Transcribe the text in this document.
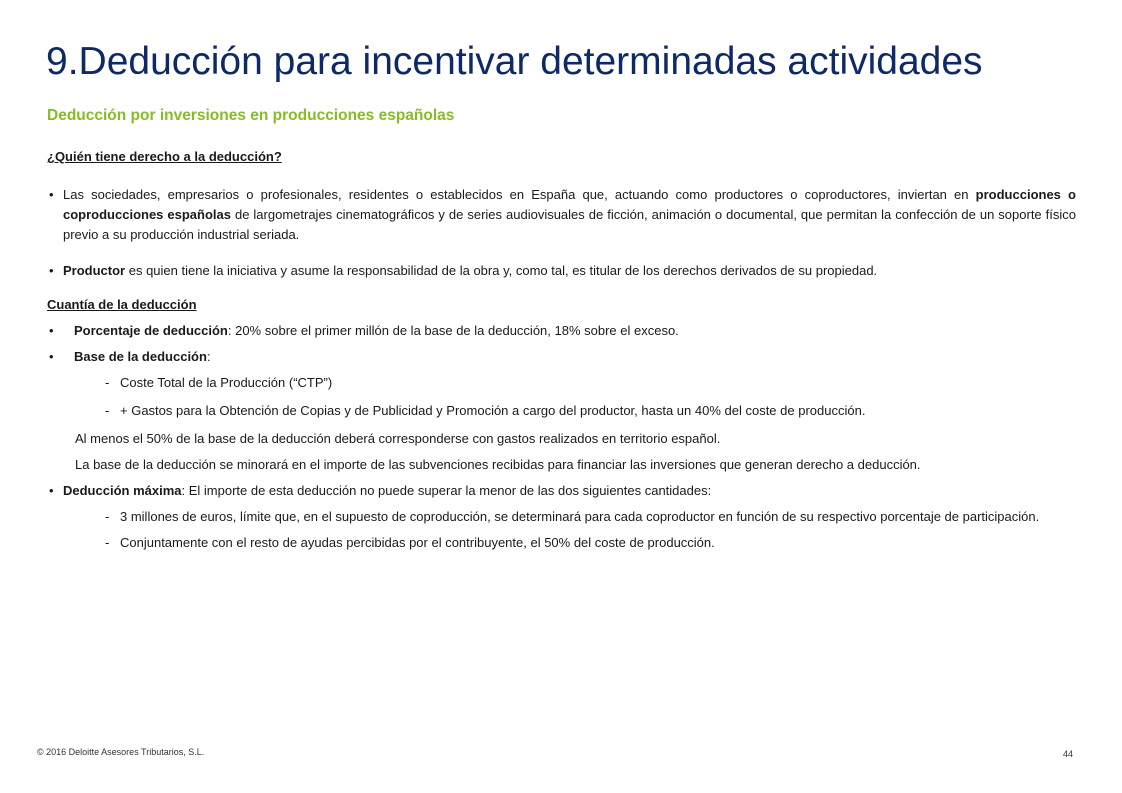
9.Deducción para incentivar determinadas actividades
Deducción por inversiones en producciones españolas

¿Quién tiene derecho a la deducción?

• Las sociedades, empresarios o profesionales, residentes o establecidos en España que, actuando como productores o coproductores, inviertan en producciones o coproducciones españolas de largometrajes cinematográficos y de series audiovisuales de ficción, animación o documental, que permitan la confección de un soporte físico previo a su producción industrial seriada.
• Productor es quien tiene la iniciativa y asume la responsabilidad de la obra y, como tal, es titular de los derechos derivados de su propiedad.

Cuantía de la deducción

• Porcentaje de deducción: 20% sobre el primer millón de la base de la deducción, 18% sobre el exceso.
• Base de la deducción:
- Coste Total de la Producción (“CTP”)
- + Gastos para la Obtención de Copias y de Publicidad y Promoción a cargo del productor, hasta un 40% del coste de producción.
Al menos el 50% de la base de la deducción deberá corresponderse con gastos realizados en territorio español.
La base de la deducción se minorará en el importe de las subvenciones recibidas para financiar las inversiones que generan derecho a deducción.
• Deducción máxima: El importe de esta deducción no puede superar la menor de las dos siguientes cantidades:
- 3 millones de euros, límite que, en el supuesto de coproducción, se determinará para cada coproductor en función de su respectivo porcentaje de participación.
- Conjuntamente con el resto de ayudas percibidas por el contribuyente, el 50% del coste de producción.
© 2016 Deloitte Asesores Tributarios, S.L.	44
